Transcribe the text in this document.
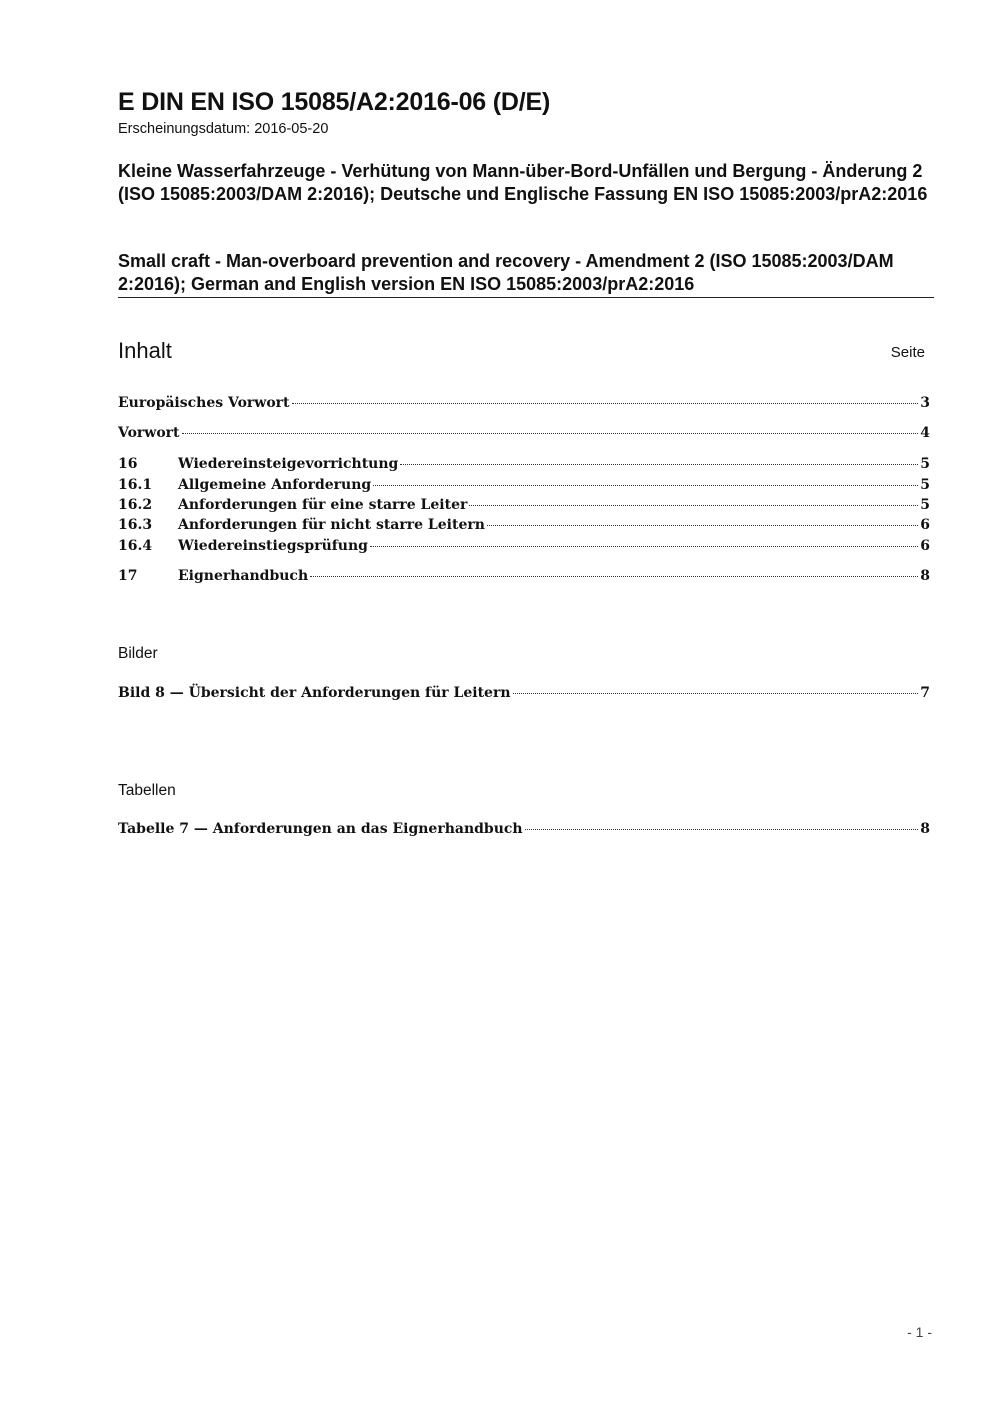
E DIN EN ISO 15085/A2:2016-06 (D/E)
Erscheinungsdatum: 2016-05-20
Kleine Wasserfahrzeuge - Verhütung von Mann-über-Bord-Unfällen und Bergung - Änderung 2 (ISO 15085:2003/DAM 2:2016); Deutsche und Englische Fassung EN ISO 15085:2003/prA2:2016
Small craft - Man-overboard prevention and recovery - Amendment 2 (ISO 15085:2003/DAM 2:2016); German and English version EN ISO 15085:2003/prA2:2016
Inhalt	Seite
Europäisches Vorwort	3
Vorwort	4
16	Wiedereinsteigevorrichtung	5
16.1	Allgemeine Anforderung	5
16.2	Anforderungen für eine starre Leiter	5
16.3	Anforderungen für nicht starre Leitern	6
16.4	Wiedereinstiegsprüfung	6
17	Eignerhandbuch	8
Bilder
Bild 8 — Übersicht der Anforderungen für Leitern	7
Tabellen
Tabelle 7 — Anforderungen an das Eignerhandbuch	8
- 1 -
